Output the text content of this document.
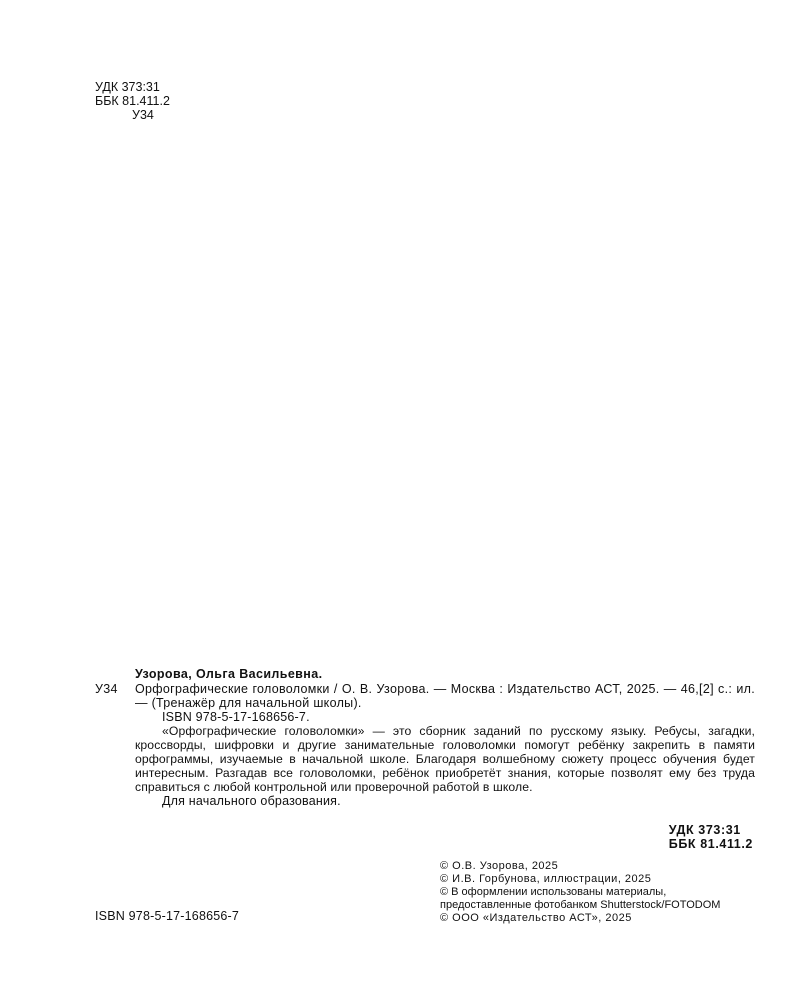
УДК 373:31
ББК 81.411.2
У34
Узорова, Ольга Васильевна.
У34 Орфографические головоломки / О. В. Узорова. — Москва : Издательство АСТ, 2025. — 46,[2] с.: ил. — (Тренажёр для начальной школы).
ISBN 978-5-17-168656-7.
«Орфографические головоломки» — это сборник заданий по русскому языку. Ребусы, загадки, кроссворды, шифровки и другие занимательные головоломки помогут ребёнку закрепить в памяти орфограммы, изучаемые в начальной школе. Благодаря волшебному сюжету процесс обучения будет интересным. Разгадав все головоломки, ребёнок приобретёт знания, которые позволят ему без труда справиться с любой контрольной или проверочной работой в школе.
Для начального образования.
УДК 373:31
ББК 81.411.2
© О.В. Узорова, 2025
© И.В. Горбунова, иллюстрации, 2025
© В оформлении использованы материалы,
предоставленные фотобанком Shutterstock/FOTODOM
© ООО «Издательство АСТ», 2025
ISBN 978-5-17-168656-7
